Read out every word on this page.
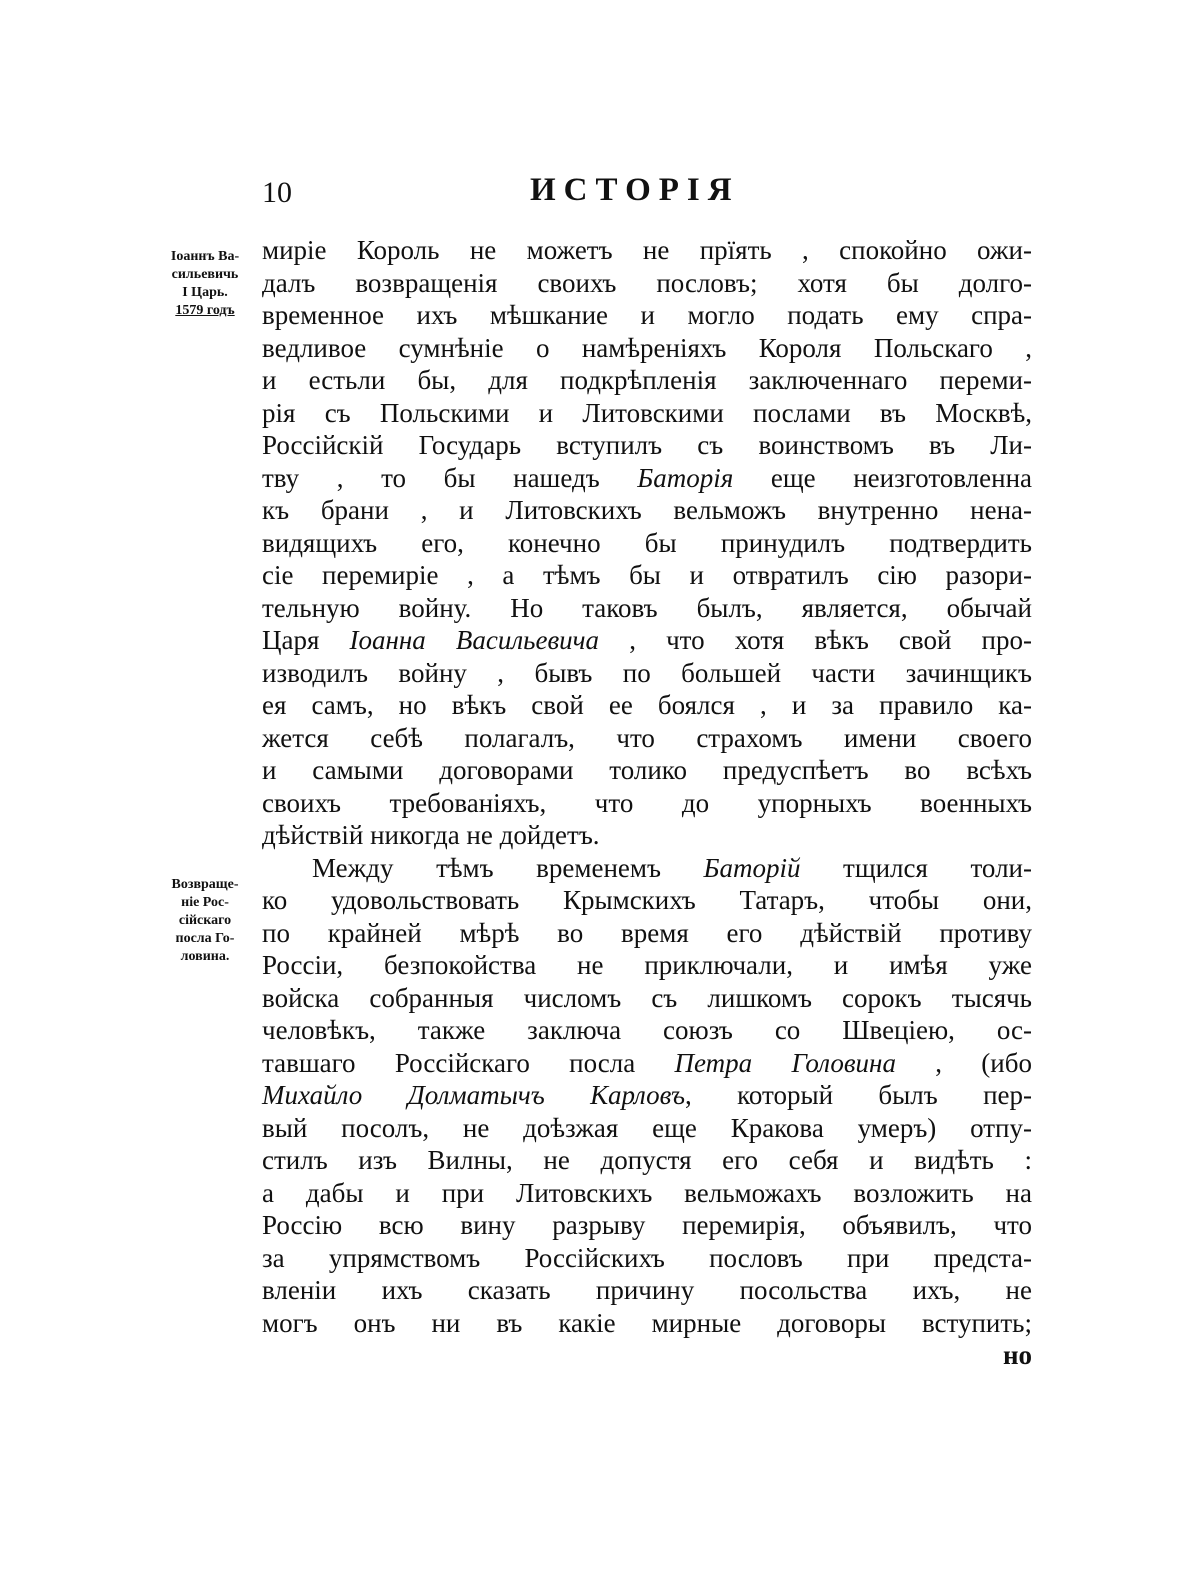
10	ИСТОРІЯ
Іоаннъ Ва-
сильевичь
I Царь.
1579 годъ
Возвраще-
ніе Рос-
сійскаго
посла Го-
ловина.
миріе Король не можетъ не прїять , спокойно ожи-
далъ возвращенія своихъ пословъ; хотя бы долго-
временное ихъ мѣшкание и могло подать ему спра-
ведливое сумнѣніе о намѣреніяхъ Короля Польскаго ,
и естьли бы, для подкрѣпленія заключеннаго переми-
рія съ Польскими и Литовскими послами въ Москвѣ,
Россійскій Государь вступилъ съ воинствомъ въ Ли-
тву , то бы нашедъ Баторія еще неизготовленна
къ брани , и Литовскихъ вельможъ внутренно нена-
видящихъ его, конечно бы принудилъ подтвердить
сіе перемиріе , а тѣмъ бы и отвратилъ сію разори-
тельную войну. Но таковъ былъ, является, обычай
Царя Іоанна Васильевича , что хотя вѣкъ свой про-
изводилъ войну , бывъ по большей части зачинщикъ
ея самъ, но вѣкъ свой ее боялся , и за правило ка-
жется себѣ полагалъ, что страхомъ имени своего
и самыми договорами толико предуспѣетъ во всѣхъ
своихъ требованіяхъ, что до упорныхъ военныхъ
дѣйствій никогда не дойдетъ.
Между тѣмъ временемъ Баторій тщился толи-
ко удовольствовать Крымскихъ Татаръ, чтобы они,
по крайней мѣрѣ во время его дѣйствій противу
Россіи, безпокойства не приключали, и имѣя уже
войска собранныя числомъ съ лишкомъ сорокъ тысячь
человѣкъ, также заключа союзъ со Швеціею, ос-
тавшаго Россійскаго посла Петра Головина , (ибо
Михайло Долматычъ Карловъ, который былъ пер-
вый посолъ, не доѣзжая еще Кракова умеръ) отпу-
стилъ изъ Вилны, не допустя его себя и видѣть :
а дабы и при Литовскихъ вельможахъ возложить на
Россію всю вину разрыву перемирія, объявилъ, что
за упрямствомъ Россійскихъ пословъ при предста-
вленіи ихъ сказать причину посольства ихъ, не
могъ онъ ни въ какіе мирные договоры вступить;
но
